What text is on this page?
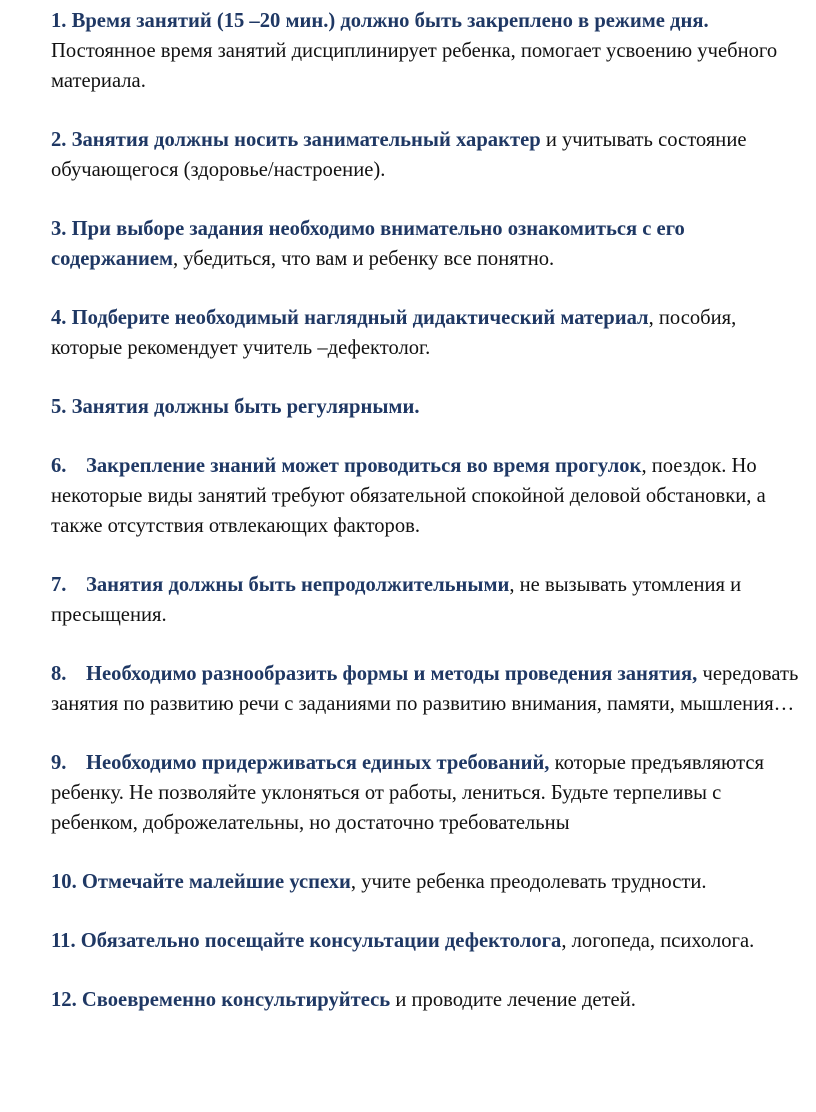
1. Время занятий (15 –20 мин.) должно быть закреплено в режиме дня. Постоянное время занятий дисциплинирует ребенка, помогает усвоению учебного материала.

2. Занятия должны носить занимательный характер и учитывать состояние обучающегося (здоровье/настроение).

3. При выборе задания необходимо внимательно ознакомиться с его содержанием, убедиться, что вам и ребенку все понятно.

4. Подберите необходимый наглядный дидактический материал, пособия, которые рекомендует учитель –дефектолог.

5. Занятия должны быть регулярными.

6. Закрепление знаний может проводиться во время прогулок, поездок. Но некоторые виды занятий требуют обязательной спокойной деловой обстановки, а также отсутствия отвлекающих факторов.

7. Занятия должны быть непродолжительными, не вызывать утомления и пресыщения.

8. Необходимо разнообразить формы и методы проведения занятия, чередовать занятия по развитию речи с заданиями по развитию внимания, памяти, мышления…

9. Необходимо придерживаться единых требований, которые предъявляются ребенку. Не позволяйте уклоняться от работы, лениться. Будьте терпеливы с ребенком, доброжелательны, но достаточно требовательны

10. Отмечайте малейшие успехи, учите ребенка преодолевать трудности.

11. Обязательно посещайте консультации дефектолога, логопеда, психолога.

12. Своевременно консультируйтесь и проводите лечение детей.
